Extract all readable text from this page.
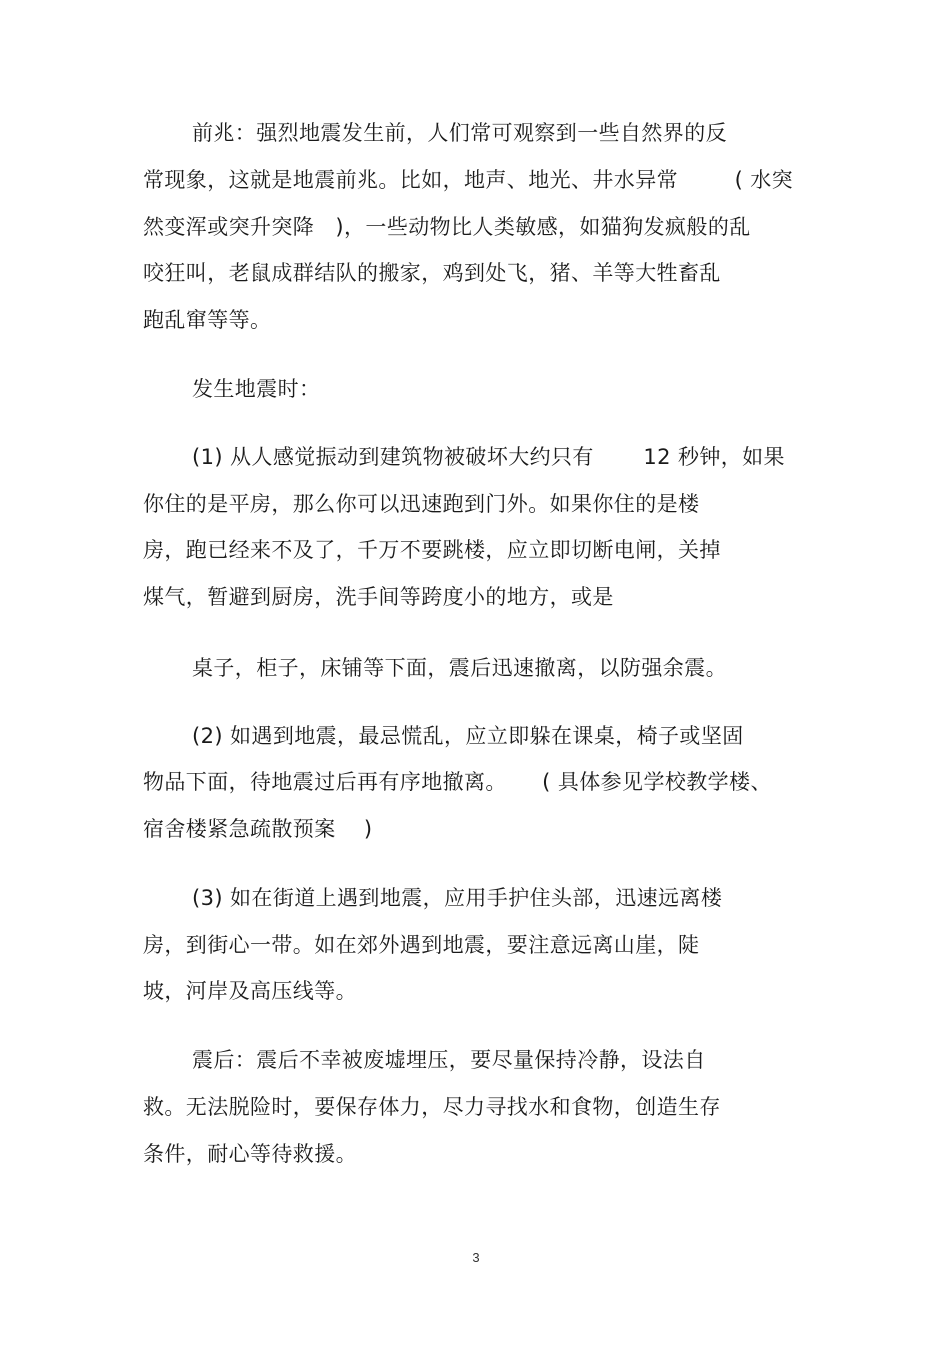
前兆：强烈地震发生前，人们常可观察到一些自然界的反
常现象，这就是地震前兆。比如，地声、地光、井水异常        ( 水突
然变浑或突升突降   )，一些动物比人类敏感，如猫狗发疯般的乱
咬狂叫，老鼠成群结队的搬家，鸡到处飞，猪、羊等大牲畜乱
跑乱窜等等。
发生地震时：
(1) 从人感觉振动到建筑物被破坏大约只有       12 秒钟，如果
你住的是平房，那么你可以迅速跑到门外。如果你住的是楼
房，跑已经来不及了，千万不要跳楼，应立即切断电闸，关掉
煤气，暂避到厨房，洗手间等跨度小的地方，或是
桌子，柜子，床铺等下面，震后迅速撤离，以防强余震。
(2) 如遇到地震，最忌慌乱，应立即躲在课桌，椅子或坚固
物品下面，待地震过后再有序地撤离。     ( 具体参见学校教学楼、
宿舍楼紧急疏散预案    )
(3) 如在街道上遇到地震，应用手护住头部，迅速远离楼
房，到街心一带。如在郊外遇到地震，要注意远离山崖，陡
坡，河岸及高压线等。
震后：震后不幸被废墟埋压，要尽量保持冷静，设法自
救。无法脱险时，要保存体力，尽力寻找水和食物，创造生存
条件，耐心等待救援。
3
